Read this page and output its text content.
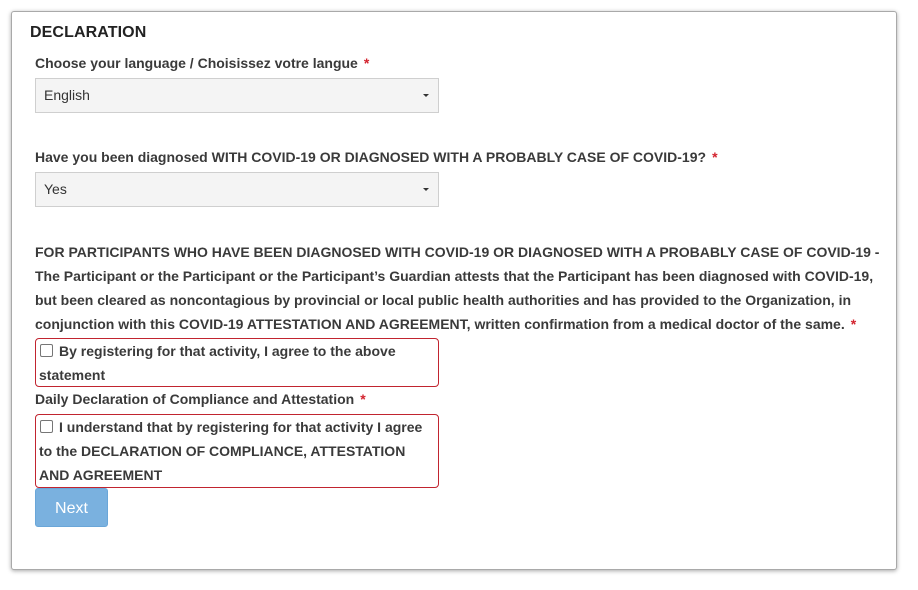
DECLARATION
Choose your language / Choisissez votre langue *
English
Have you been diagnosed WITH COVID-19 OR DIAGNOSED WITH A PROBABLY CASE OF COVID-19? *
Yes
FOR PARTICIPANTS WHO HAVE BEEN DIAGNOSED WITH COVID-19 OR DIAGNOSED WITH A PROBABLY CASE OF COVID-19 - The Participant or the Participant or the Participant’s Guardian attests that the Participant has been diagnosed with COVID-19, but been cleared as noncontagious by provincial or local public health authorities and has provided to the Organization, in conjunction with this COVID-19 ATTESTATION AND AGREEMENT, written confirmation from a medical doctor of the same. *
By registering for that activity, I agree to the above statement
Daily Declaration of Compliance and Attestation *
I understand that by registering for that activity I agree to the DECLARATION OF COMPLIANCE, ATTESTATION AND AGREEMENT
Next
